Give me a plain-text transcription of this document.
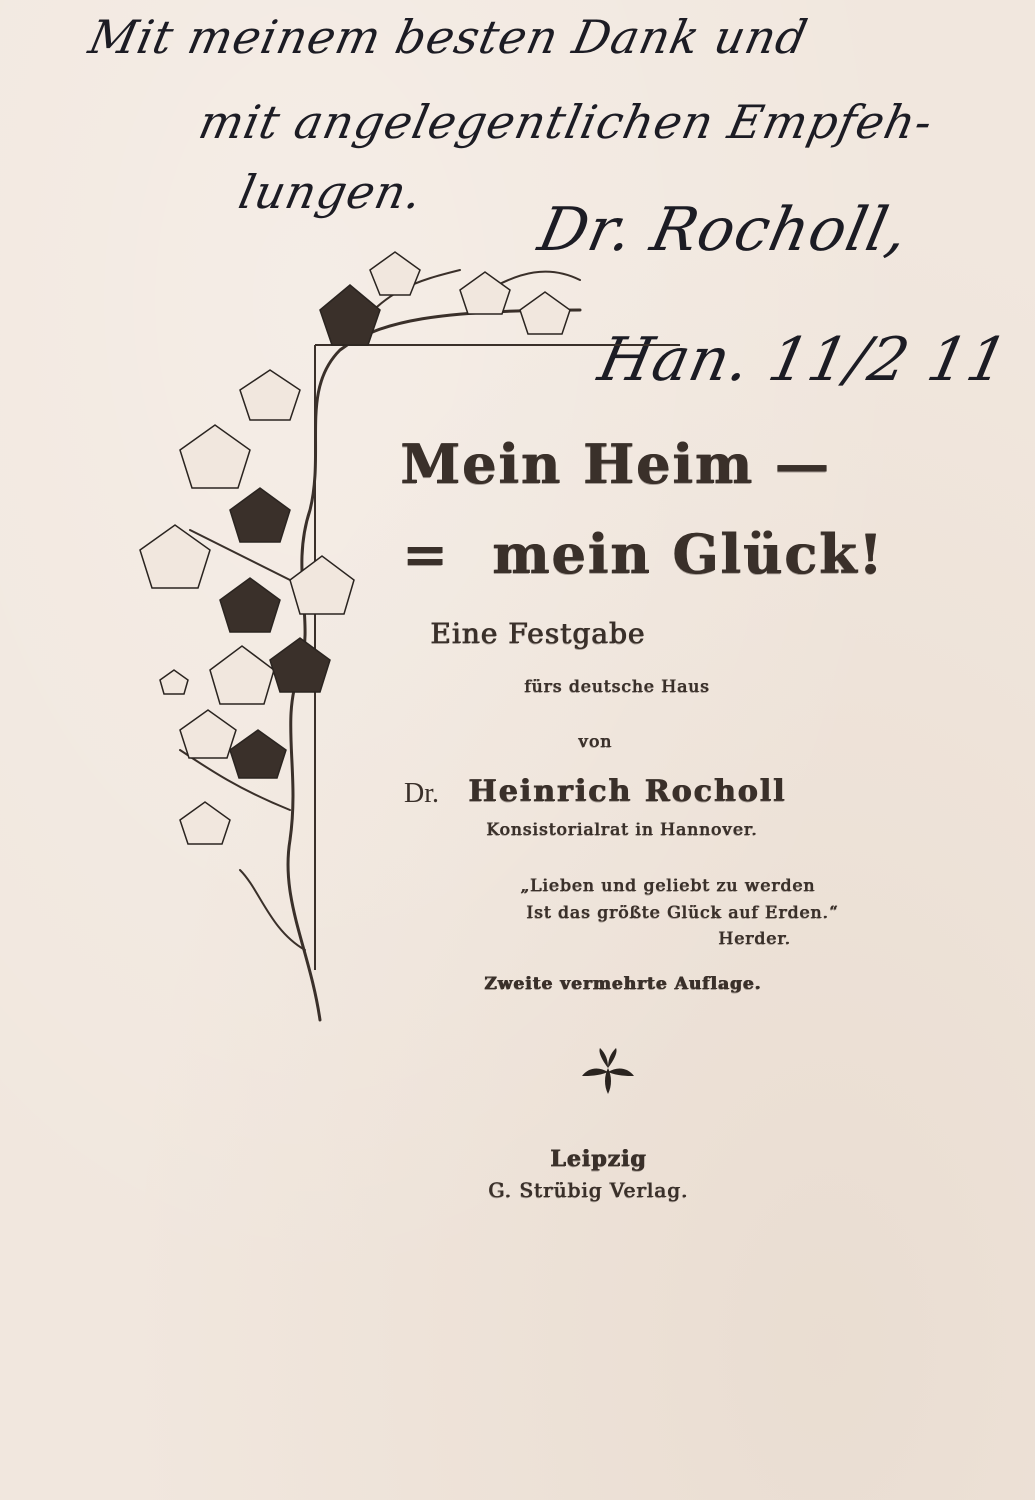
Mit meinem besten Dank und
mit angelegentlichen Empfeh-
lungen.
Dr. Rocholl,
Han. 11/2 11
Mein Heim —
= mein Glück!
Eine Festgabe
fürs deutsche Haus
von
Dr. Heinrich Rocholl
Konsistorialrat in Hannover.
„Lieben und geliebt zu werden
Ist das größte Glück auf Erden.“
Herder.
Zweite vermehrte Auflage.
Leipzig
G. Strübig Verlag.
